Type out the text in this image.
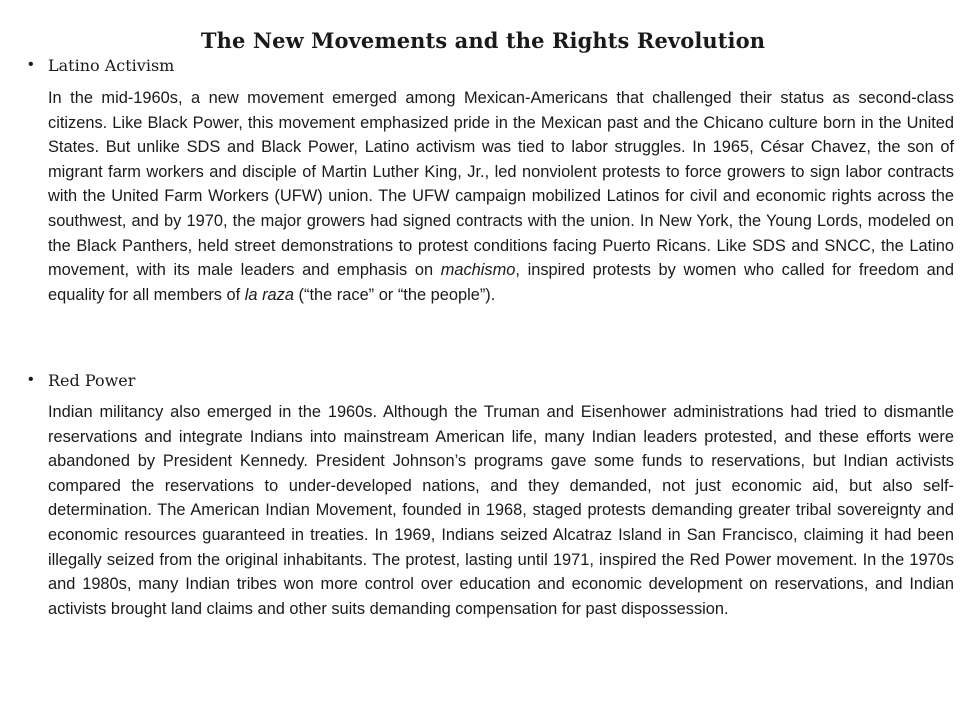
The New Movements and the Rights Revolution
• Latino Activism

In the mid-1960s, a new movement emerged among Mexican-Americans that challenged their status as second-class citizens. Like Black Power, this movement emphasized pride in the Mexican past and the Chicano culture born in the United States. But unlike SDS and Black Power, Latino activism was tied to labor struggles. In 1965, César Chavez, the son of migrant farm workers and disciple of Martin Luther King, Jr., led nonviolent protests to force growers to sign labor contracts with the United Farm Workers (UFW) union. The UFW campaign mobilized Latinos for civil and economic rights across the southwest, and by 1970, the major growers had signed contracts with the union. In New York, the Young Lords, modeled on the Black Panthers, held street demonstrations to protest conditions facing Puerto Ricans. Like SDS and SNCC, the Latino movement, with its male leaders and emphasis on machismo, inspired protests by women who called for freedom and equality for all members of la raza (“the race” or “the people”).

• Red Power

Indian militancy also emerged in the 1960s. Although the Truman and Eisenhower administrations had tried to dismantle reservations and integrate Indians into mainstream American life, many Indian leaders protested, and these efforts were abandoned by President Kennedy. President Johnson’s programs gave some funds to reservations, but Indian activists compared the reservations to under-developed nations, and they demanded, not just economic aid, but also self-determination. The American Indian Movement, founded in 1968, staged protests demanding greater tribal sovereignty and economic resources guaranteed in treaties. In 1969, Indians seized Alcatraz Island in San Francisco, claiming it had been illegally seized from the original inhabitants. The protest, lasting until 1971, inspired the Red Power movement. In the 1970s and 1980s, many Indian tribes won more control over education and economic development on reservations, and Indian activists brought land claims and other suits demanding compensation for past dispossession.
